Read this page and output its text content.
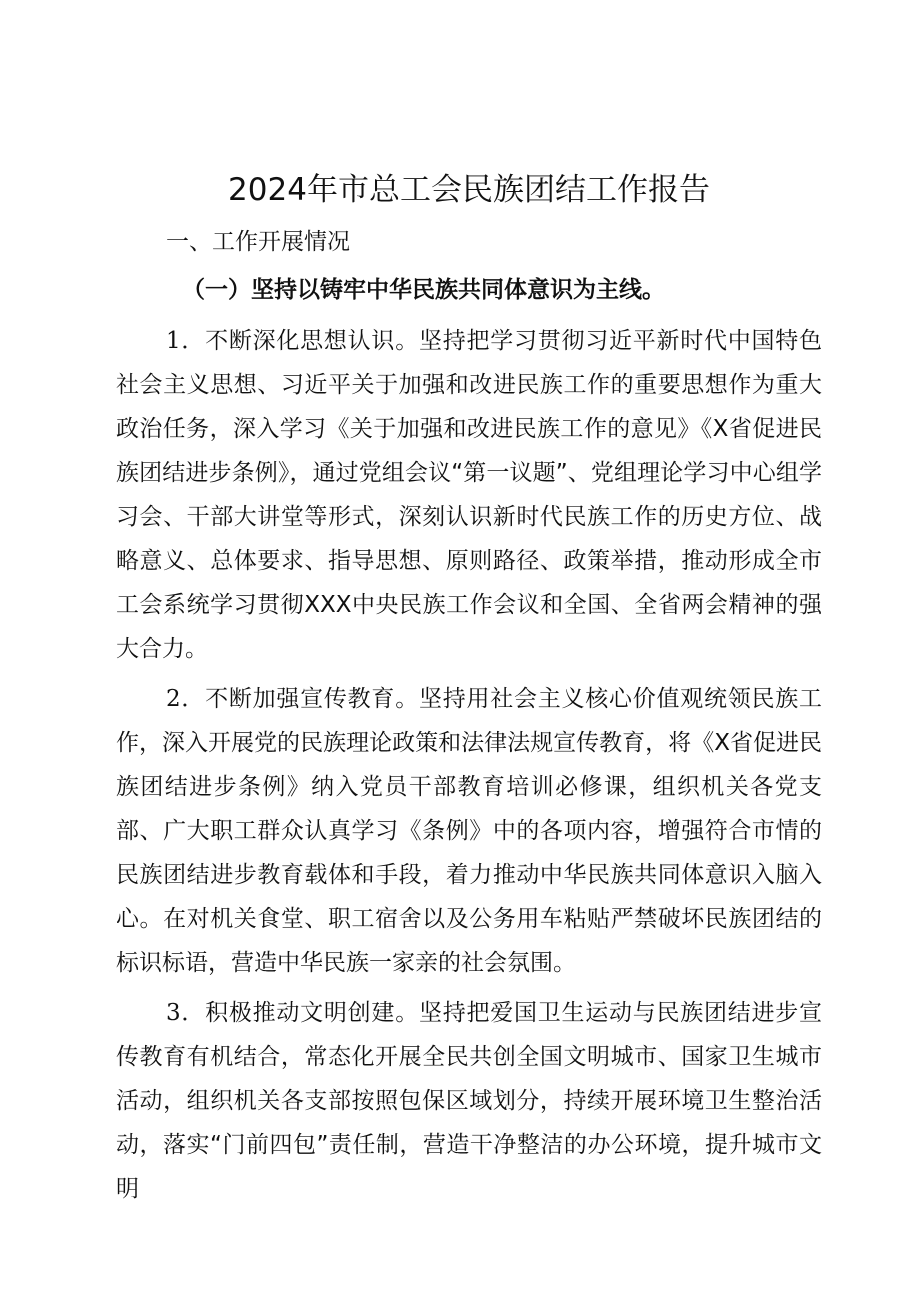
2024年市总工会民族团结工作报告
一、工作开展情况
（一）坚持以铸牢中华民族共同体意识为主线。

1．不断深化思想认识。坚持把学习贯彻习近平新时代中国特色社会主义思想、习近平关于加强和改进民族工作的重要思想作为重大政治任务，深入学习《关于加强和改进民族工作的意见》《X省促进民族团结进步条例》，通过党组会议“第一议题”、党组理论学习中心组学习会、干部大讲堂等形式，深刻认识新时代民族工作的历史方位、战略意义、总体要求、指导思想、原则路径、政策举措，推动形成全市工会系统学习贯彻XXX中央民族工作会议和全国、全省两会精神的强大合力。

2．不断加强宣传教育。坚持用社会主义核心价值观统领民族工作，深入开展党的民族理论政策和法律法规宣传教育，将《X省促进民族团结进步条例》纳入党员干部教育培训必修课，组织机关各党支部、广大职工群众认真学习《条例》中的各项内容，增强符合市情的民族团结进步教育载体和手段，着力推动中华民族共同体意识入脑入心。在对机关食堂、职工宿舍以及公务用车粘贴严禁破坏民族团结的标识标语，营造中华民族一家亲的社会氛围。

3．积极推动文明创建。坚持把爱国卫生运动与民族团结进步宣传教育有机结合，常态化开展全民共创全国文明城市、国家卫生城市活动，组织机关各支部按照包保区域划分，持续开展环境卫生整治活动，落实“门前四包”责任制，营造干净整洁的办公环境，提升城市文明
